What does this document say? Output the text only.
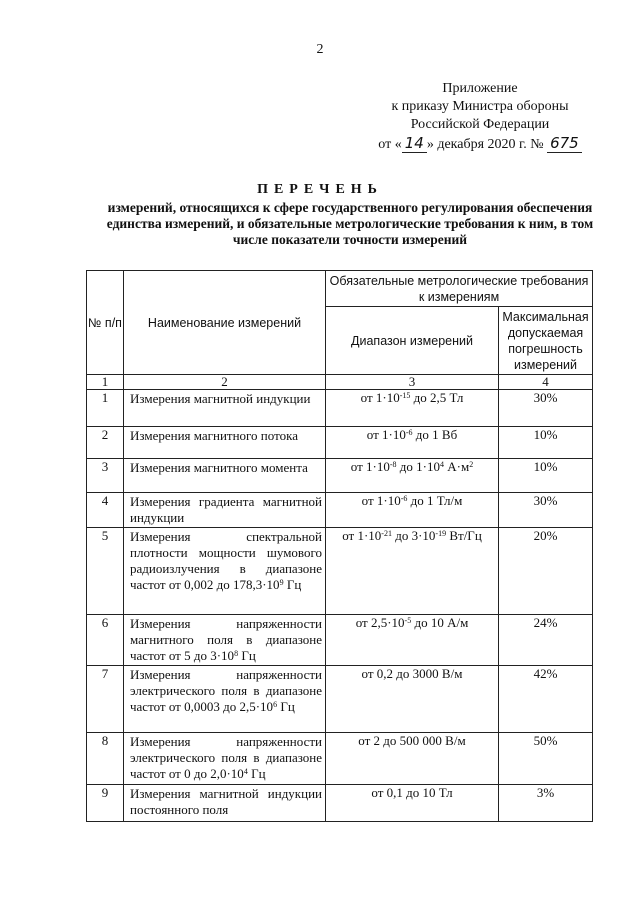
2
Приложение
к приказу Министра обороны
Российской Федерации
от « 14 » декабря 2020 г. № 675
ПЕРЕЧЕНЬ
измерений, относящихся к сфере государственного регулирования обеспечения единства измерений, и обязательные метрологические требования к ним, в том числе показатели точности измерений
№ п/п	Наименование измерений	Обязательные метрологические требования к измерениям	
		Диапазон измерений	Максимальная допускаемая погрешность измерений
1	2	3	4
1	Измерения магнитной индукции	от $1\cdot 10^{-15}$ до 2,5 Тл	30%
2	Измерения магнитного потока	от $1\cdot 10^{-6}$ до 1 Вб	10%
3	Измерения магнитного момента	от $1\cdot 10^{-8}$ до $1\cdot 10^4$ $А\cdot м^2$	10%
4	Измерения градиента магнитной индукции	от $1\cdot 10^{-6}$ до 1 Тл/м	30%
5	Измерения спектральной плотности мощности шумового радиоизлучения в диапазоне частот от 0,002 до $178,3\cdot 10^9$ Гц	от $1\cdot 10^{-21}$ до $3\cdot 10^{-19}$ Вт/Гц	20%
6	Измерения напряженности магнитного поля в диапазоне частот от 5 до $3\cdot 10^8$ Гц	от $2,5\cdot 10^{-5}$ до 10 А/м	24%
7	Измерения напряженности электрического поля в диапазоне частот от 0,0003 до $2,5\cdot 10^6$ Гц	от 0,2 до 3000 В/м	42%
8	Измерения напряженности электрического поля в диапазоне частот от 0 до $2,0\cdot 10^4$ Гц	от 2 до 500 000 В/м	50%
9	Измерения магнитной индукции постоянного поля	от 0,1 до 10 Тл	3%
